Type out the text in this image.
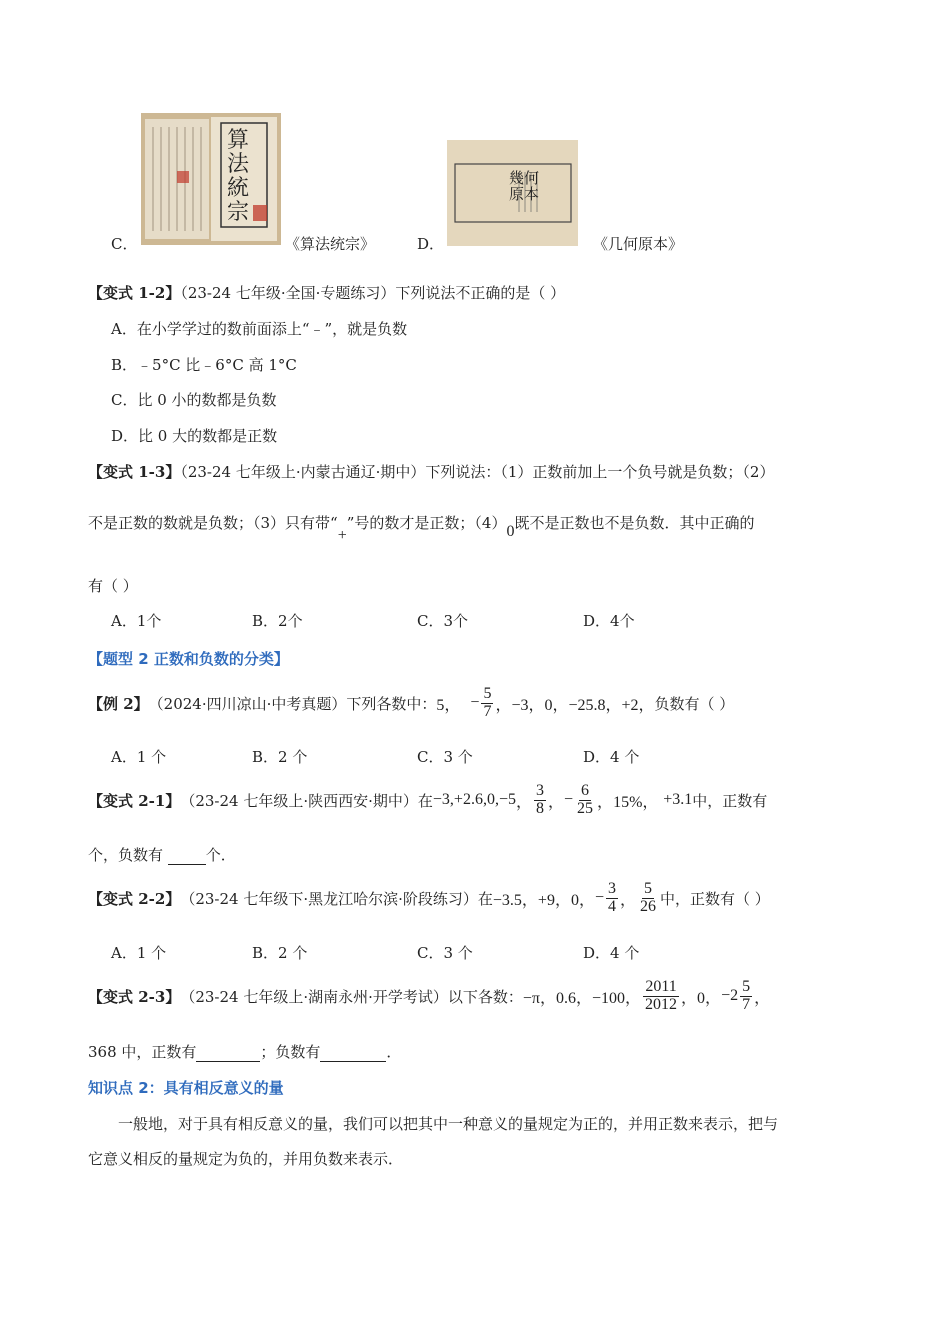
算法統宗
C．	《算法统宗》
幾何原本
D．	《几何原本》
【变式 1-2】（23-24 七年级·全国·专题练习）下列说法不正确的是（ ）
A．在小学学过的数前面添上“﹣”，就是负数
B．﹣5°C 比﹣6°C 高 1°C
C．比 0 小的数都是负数
D．比 0 大的数都是正数
【变式 1-3】（23-24 七年级上·内蒙古通辽·期中）下列说法：（1）正数前加上一个负号就是负数；（2）
不是正数的数就是负数；（3）只有带“+”号的数才是正数；（4）0既不是正数也不是负数．其中正确的
有（ ）
A．1个	B．2个	C．3个	D．4个
【题型 2 正数和负数的分类】
【例 2】 （2024·四川凉山·中考真题） 下列各数中： 5， − $\frac{5}{7}$ ，−3，0，−25.8，+2， 负数有（ ）
A．1 个	B．2 个	C．3 个	D．4 个
【变式 2-1】 （23-24 七年级上·陕西西安·期中） 在 −3,+2.6,0,−5 ， $\frac{3}{8}$ ， − $\frac{6}{25}$ ， 15%，
+3.1 中，正数有
个，负数有	个．
【变式 2-2】 （23-24 七年级下·黑龙江哈尔滨·阶段练习） 在 −3.5，+9，0， − $\frac{3}{4}$ ， $\frac{5}{26}$ 中，正数有（ ）
A．1 个	B．2 个	C．3 个	D．4 个
【变式 2-3】 （23-24 七年级上·湖南永州·开学考试） 以下各数： −π，0.6，−100， $\frac{2011}{2012}$ ，0， $-2 \frac{5}{7}$ ，
368 中，正数有	；负数有	．
知识点 2：具有相反意义的量
一般地，对于具有相反意义的量，我们可以把其中一种意义的量规定为正的，并用正数来表示，把与
它意义相反的量规定为负的，并用负数来表示．
